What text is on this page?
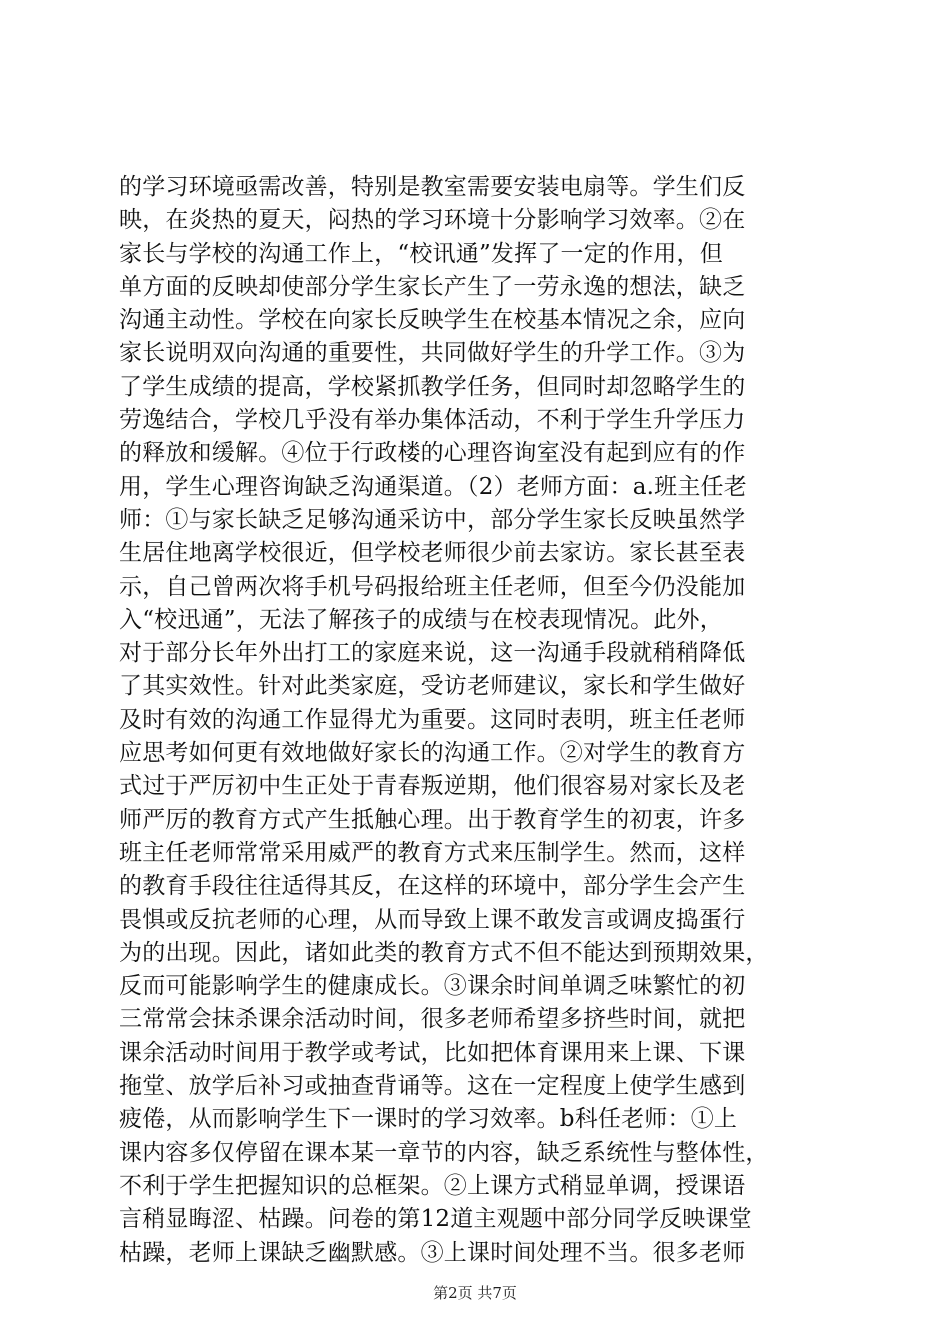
的学习环境亟需改善，特别是教室需要安装电扇等。学生们反
映，在炎热的夏天，闷热的学习环境十分影响学习效率。②在
家长与学校的沟通工作上，“校讯通”发挥了一定的作用，但
单方面的反映却使部分学生家长产生了一劳永逸的想法，缺乏
沟通主动性。学校在向家长反映学生在校基本情况之余，应向
家长说明双向沟通的重要性，共同做好学生的升学工作。③为
了学生成绩的提高，学校紧抓教学任务，但同时却忽略学生的
劳逸结合，学校几乎没有举办集体活动，不利于学生升学压力
的释放和缓解。④位于行政楼的心理咨询室没有起到应有的作
用，学生心理咨询缺乏沟通渠道。（2）老师方面：a.班主任老
师：①与家长缺乏足够沟通采访中，部分学生家长反映虽然学
生居住地离学校很近，但学校老师很少前去家访。家长甚至表
示，自己曾两次将手机号码报给班主任老师，但至今仍没能加
入“校迅通”，无法了解孩子的成绩与在校表现情况。此外，
对于部分长年外出打工的家庭来说，这一沟通手段就稍稍降低
了其实效性。针对此类家庭，受访老师建议，家长和学生做好
及时有效的沟通工作显得尤为重要。这同时表明，班主任老师
应思考如何更有效地做好家长的沟通工作。②对学生的教育方
式过于严厉初中生正处于青春叛逆期，他们很容易对家长及老
师严厉的教育方式产生抵触心理。出于教育学生的初衷，许多
班主任老师常常采用威严的教育方式来压制学生。然而，这样
的教育手段往往适得其反，在这样的环境中，部分学生会产生
畏惧或反抗老师的心理，从而导致上课不敢发言或调皮捣蛋行
为的出现。因此，诸如此类的教育方式不但不能达到预期效果，
反而可能影响学生的健康成长。③课余时间单调乏味繁忙的初
三常常会抹杀课余活动时间，很多老师希望多挤些时间，就把
课余活动时间用于教学或考试，比如把体育课用来上课、下课
拖堂、放学后补习或抽查背诵等。这在一定程度上使学生感到
疲倦，从而影响学生下一课时的学习效率。b科任老师：①上
课内容多仅停留在课本某一章节的内容，缺乏系统性与整体性，
不利于学生把握知识的总框架。②上课方式稍显单调，授课语
言稍显晦涩、枯躁。问卷的第12道主观题中部分同学反映课堂
枯躁，老师上课缺乏幽默感。③上课时间处理不当。很多老师
第2页 共7页
